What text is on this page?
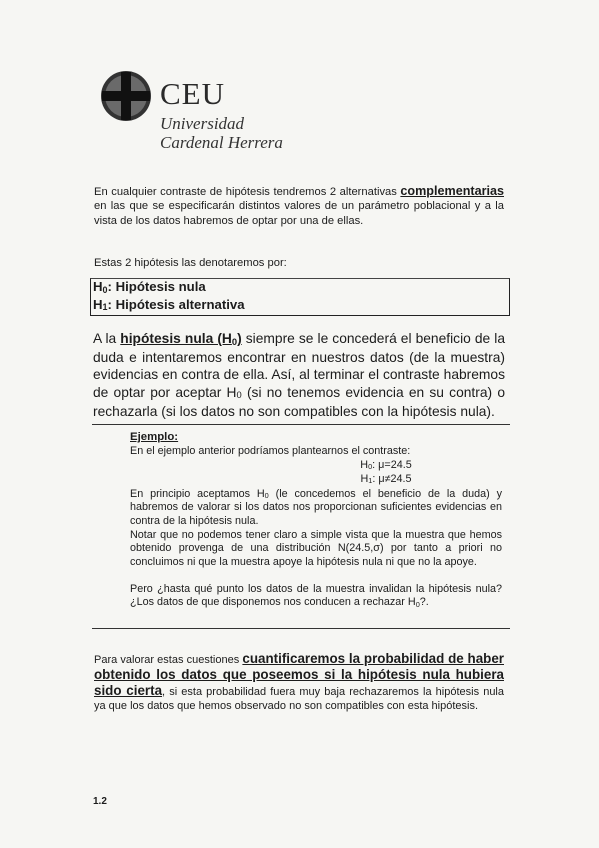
CEU
Universidad
Cardenal Herrera

En cualquier contraste de hipótesis tendremos 2 alternativas complementarias en las que se especificarán distintos valores de un parámetro poblacional y a la vista de los datos habremos de optar por una de ellas.

Estas 2 hipótesis las denotaremos por:

H0: Hipótesis nula
H1: Hipótesis alternativa

A la hipótesis nula (H0) siempre se le concederá el beneficio de la duda e intentaremos encontrar en nuestros datos (de la muestra) evidencias en contra de ella. Así, al terminar el contraste habremos de optar por aceptar H0 (si no tenemos evidencia en su contra) o rechazarla (si los datos no son compatibles con la hipótesis nula).

Ejemplo:

En el ejemplo anterior podríamos plantearnos el contraste:

H0: μ=24.5

H1: μ≠24.5

En principio aceptamos H0 (le concedemos el beneficio de la duda) y habremos de valorar si los datos nos proporcionan suficientes evidencias en contra de la hipótesis nula.

Notar que no podemos tener claro a simple vista que la muestra que hemos obtenido provenga de una distribución N(24.5,σ) por tanto a priori no concluimos ni que la muestra apoye la hipótesis nula ni que no la apoye.

Pero ¿hasta qué punto los datos de la muestra invalidan la hipótesis nula? ¿Los datos de que disponemos nos conducen a rechazar H0?.

Para valorar estas cuestiones cuantificaremos la probabilidad de haber obtenido los datos que poseemos si la hipótesis nula hubiera sido cierta, si esta probabilidad fuera muy baja rechazaremos la hipótesis nula ya que los datos que hemos observado no son compatibles con esta hipótesis.

1.2
